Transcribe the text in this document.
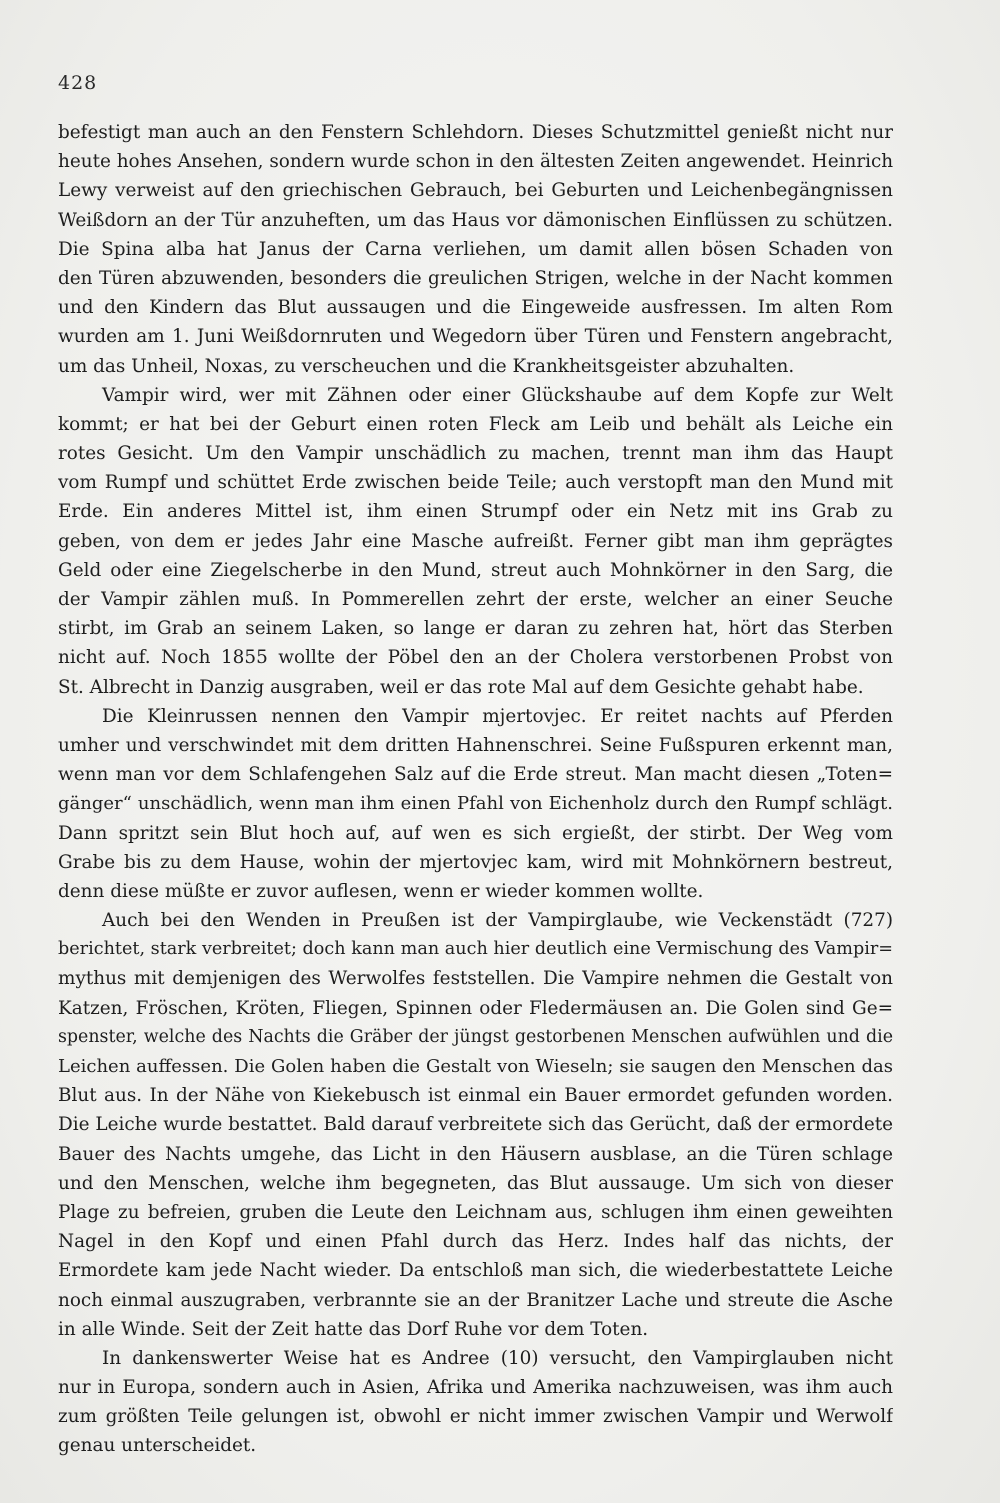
428
befestigt man auch an den Fenstern Schlehdorn. Dieses Schutzmittel genießt nicht nur
heute hohes Ansehen, sondern wurde schon in den ältesten Zeiten angewendet. Heinrich
Lewy verweist auf den griechischen Gebrauch, bei Geburten und Leichenbegängnissen
Weißdorn an der Tür anzuheften, um das Haus vor dämonischen Einflüssen zu schützen.
Die Spina alba hat Janus der Carna verliehen, um damit allen bösen Schaden von
den Türen abzuwenden, besonders die greulichen Strigen, welche in der Nacht kommen
und den Kindern das Blut aussaugen und die Eingeweide ausfressen. Im alten Rom
wurden am 1. Juni Weißdornruten und Wegedorn über Türen und Fenstern angebracht,
um das Unheil, Noxas, zu verscheuchen und die Krankheitsgeister abzuhalten.
Vampir wird, wer mit Zähnen oder einer Glückshaube auf dem Kopfe zur Welt
kommt; er hat bei der Geburt einen roten Fleck am Leib und behält als Leiche ein
rotes Gesicht. Um den Vampir unschädlich zu machen, trennt man ihm das Haupt
vom Rumpf und schüttet Erde zwischen beide Teile; auch verstopft man den Mund mit
Erde. Ein anderes Mittel ist, ihm einen Strumpf oder ein Netz mit ins Grab zu
geben, von dem er jedes Jahr eine Masche aufreißt. Ferner gibt man ihm geprägtes
Geld oder eine Ziegelscherbe in den Mund, streut auch Mohnkörner in den Sarg, die
der Vampir zählen muß. In Pommerellen zehrt der erste, welcher an einer Seuche
stirbt, im Grab an seinem Laken, so lange er daran zu zehren hat, hört das Sterben
nicht auf. Noch 1855 wollte der Pöbel den an der Cholera verstorbenen Probst von
St. Albrecht in Danzig ausgraben, weil er das rote Mal auf dem Gesichte gehabt habe.
Die Kleinrussen nennen den Vampir mjertovjec. Er reitet nachts auf Pferden
umher und verschwindet mit dem dritten Hahnenschrei. Seine Fußspuren erkennt man,
wenn man vor dem Schlafengehen Salz auf die Erde streut. Man macht diesen „Toten=
gänger“ unschädlich, wenn man ihm einen Pfahl von Eichenholz durch den Rumpf schlägt.
Dann spritzt sein Blut hoch auf, auf wen es sich ergießt, der stirbt. Der Weg vom
Grabe bis zu dem Hause, wohin der mjertovjec kam, wird mit Mohnkörnern bestreut,
denn diese müßte er zuvor auflesen, wenn er wieder kommen wollte.
Auch bei den Wenden in Preußen ist der Vampirglaube, wie Veckenstädt (727)
berichtet, stark verbreitet; doch kann man auch hier deutlich eine Vermischung des Vampir=
mythus mit demjenigen des Werwolfes feststellen. Die Vampire nehmen die Gestalt von
Katzen, Fröschen, Kröten, Fliegen, Spinnen oder Fledermäusen an. Die Golen sind Ge=
spenster, welche des Nachts die Gräber der jüngst gestorbenen Menschen aufwühlen und die
Leichen auffessen. Die Golen haben die Gestalt von Wieseln; sie saugen den Menschen das
Blut aus. In der Nähe von Kiekebusch ist einmal ein Bauer ermordet gefunden worden.
Die Leiche wurde bestattet. Bald darauf verbreitete sich das Gerücht, daß der ermordete
Bauer des Nachts umgehe, das Licht in den Häusern ausblase, an die Türen schlage
und den Menschen, welche ihm begegneten, das Blut aussauge. Um sich von dieser
Plage zu befreien, gruben die Leute den Leichnam aus, schlugen ihm einen geweihten
Nagel in den Kopf und einen Pfahl durch das Herz. Indes half das nichts, der
Ermordete kam jede Nacht wieder. Da entschloß man sich, die wiederbestattete Leiche
noch einmal auszugraben, verbrannte sie an der Branitzer Lache und streute die Asche
in alle Winde. Seit der Zeit hatte das Dorf Ruhe vor dem Toten.
In dankenswerter Weise hat es Andree (10) versucht, den Vampirglauben nicht
nur in Europa, sondern auch in Asien, Afrika und Amerika nachzuweisen, was ihm auch
zum größten Teile gelungen ist, obwohl er nicht immer zwischen Vampir und Werwolf
genau unterscheidet.
